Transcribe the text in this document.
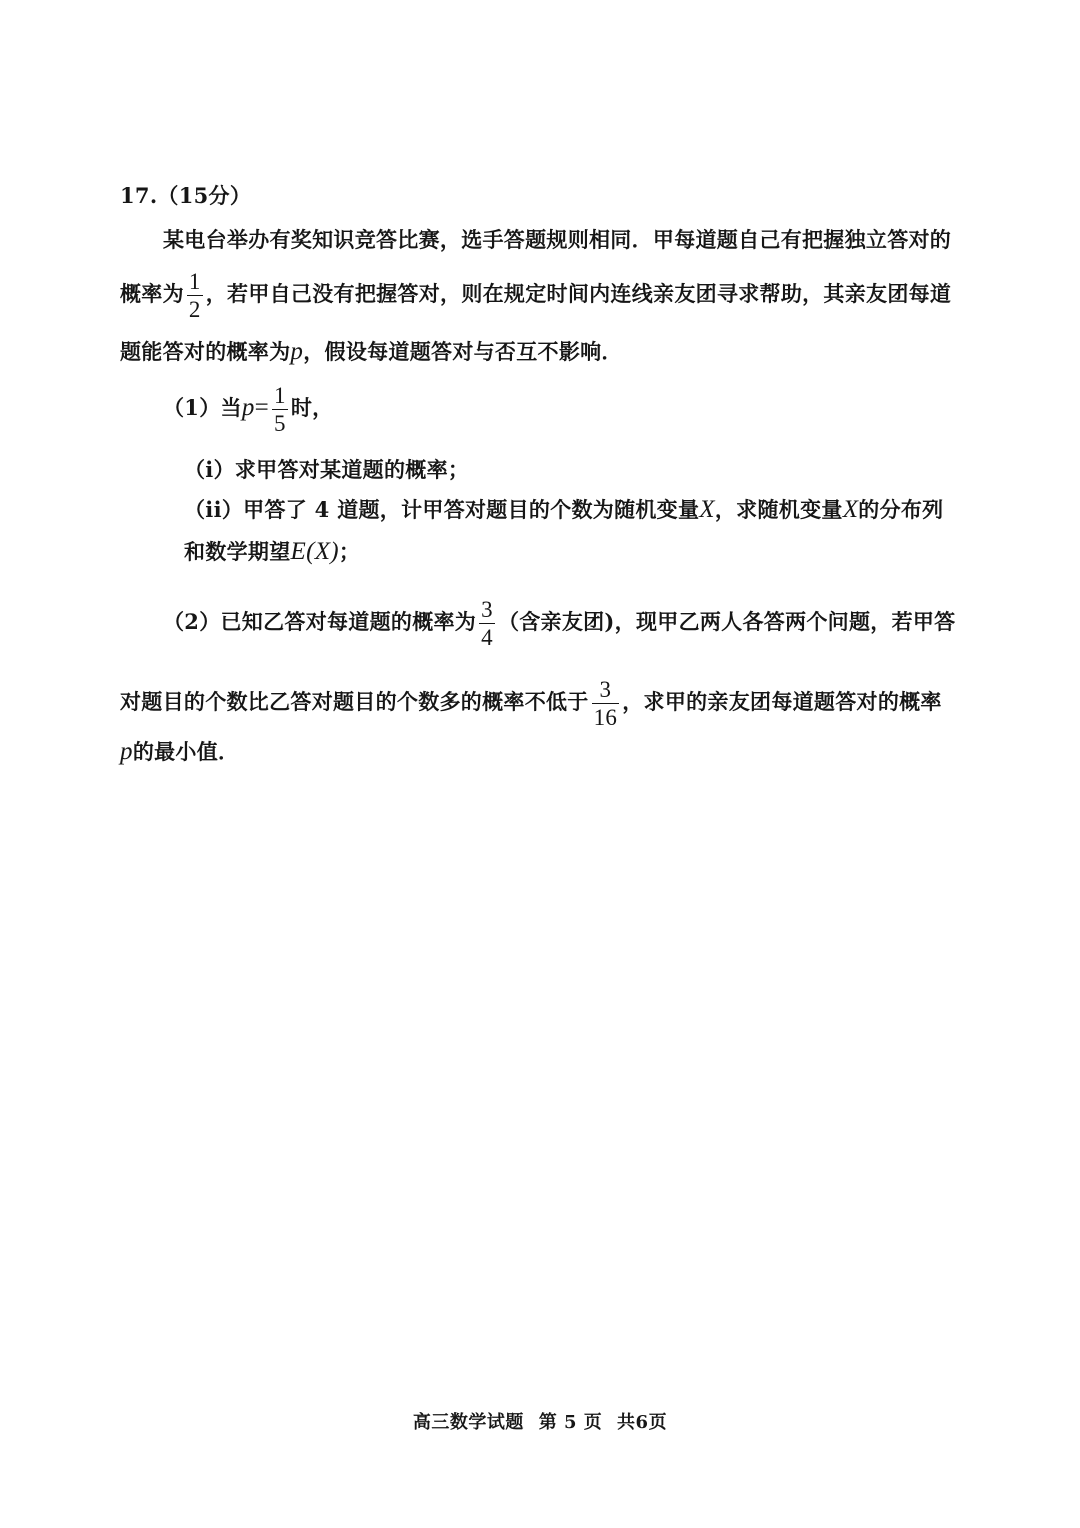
17.（15分）
某电台举办有奖知识竞答比赛，选手答题规则相同．甲每道题自己有把握独立答对的
概率为 $\frac{1}{2}$ ，若甲自己没有把握答对，则在规定时间内连线亲友团寻求帮助，其亲友团每道
题能答对的概率为p，假设每道题答对与否互不影响．
（1）当$p= \frac{1}{5}$ 时，
（i）求甲答对某道题的概率；
（ii）甲答了 4 道题，计甲答对题目的个数为随机变量X，求随机变量X的分布列
和数学期望E(X)；
（2）已知乙答对每道题的概率为 $\frac{3}{4}$ （含亲友团)，现甲乙两人各答两个问题，若甲答
对题目的个数比乙答对题目的个数多的概率不低于 $\frac{3}{16}$ ，求甲的亲友团每道题答对的概率
p的最小值．
高三数学试题 第 5 页 共6页
